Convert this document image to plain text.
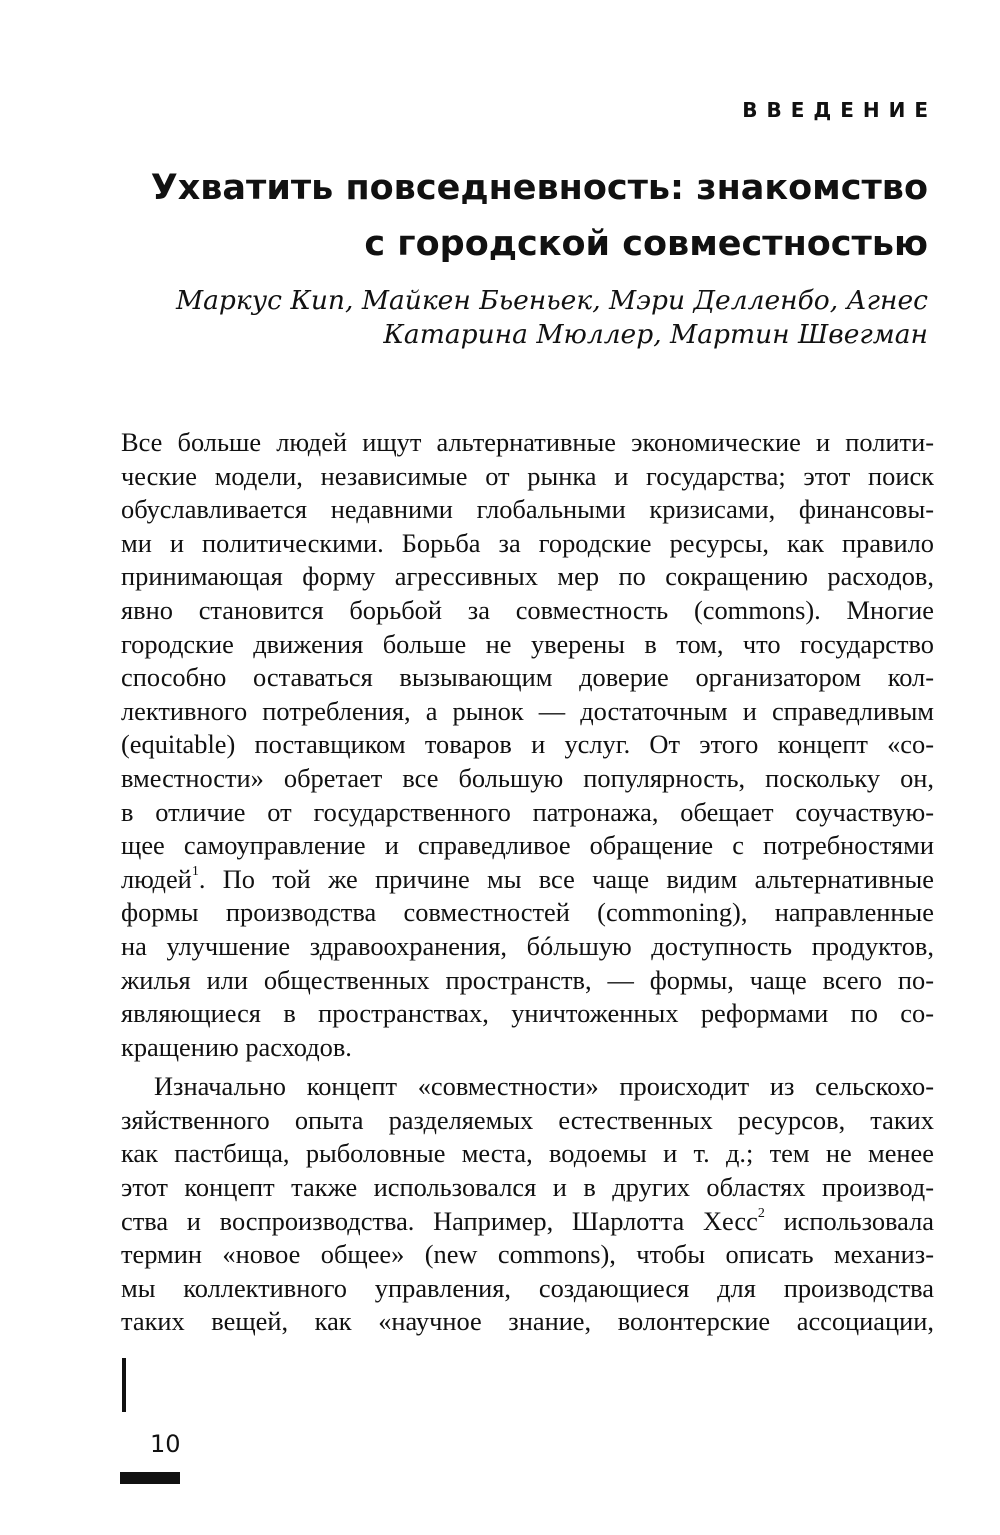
ВВЕДЕНИЕ
Ухватить повседневность: знакомство
с городской совместностью
Маркус Кип, Майкен Бьеньек, Мэри Делленбо, Агнес
Катарина Мюллер, Мартин Швегман
Все больше людей ищут альтернативные экономические и полити-
ческие модели, независимые от рынка и государства; этот поиск
обуславливается недавними глобальными кризисами, финансовы-
ми и политическими. Борьба за городские ресурсы, как правило
принимающая форму агрессивных мер по сокращению расходов,
явно становится борьбой за совместность (commons). Многие
городские движения больше не уверены в том, что государство
способно оставаться вызывающим доверие организатором кол-
лективного потребления, а рынок — достаточным и справедливым
(equitable) поставщиком товаров и услуг. От этого концепт «со-
вместности» обретает все большую популярность, поскольку он,
в отличие от государственного патронажа, обещает соучаствую-
щее самоуправление и справедливое обращение с потребностями
людей$^1$. По той же причине мы все чаще видим альтернативные
формы производства совместностей (commoning), направленные
на улучшение здравоохранения, бóльшую доступность продуктов,
жилья или общественных пространств, — формы, чаще всего по-
являющиеся в пространствах, уничтоженных реформами по со-
кращению расходов.
Изначально концепт «совместности» происходит из сельскохо-
зяйственного опыта разделяемых естественных ресурсов, таких
как пастбища, рыболовные места, водоемы и т. д.; тем не менее
этот концепт также использовался и в других областях производ-
ства и воспроизводства. Например, Шарлотта Хесс$^2$ использовала
термин «новое общее» (new commons), чтобы описать механиз-
мы коллективного управления, создающиеся для производства
таких вещей, как «научное знание, волонтерские ассоциации,
10
